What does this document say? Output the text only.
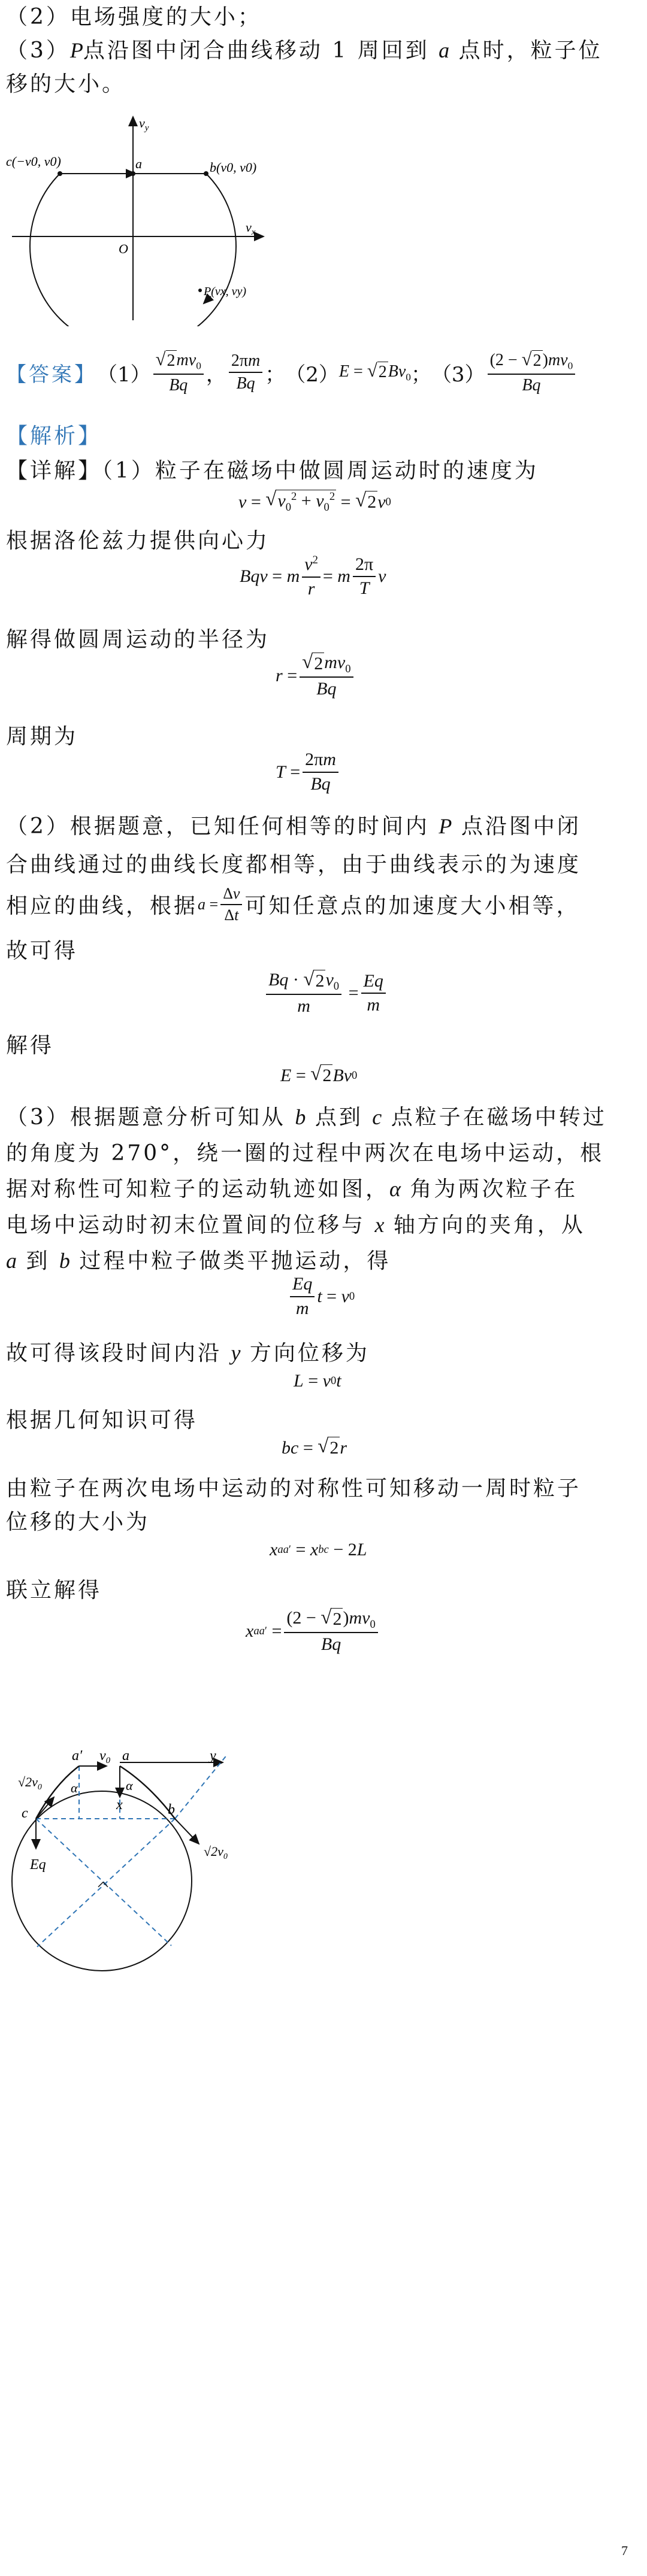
（2）电场强度的大小；
（3）P点沿图中闭合曲线移动 1 周回到 a 点时，粒子位
移的大小。
$v_y$
$v_x$
O
a	b(v0, v0)
c(−v0, v0)
P(vx, vy)
【答案】 $(1) \frac{√ 2 mv_0}{Bq}$ ， $\frac{2\pi m}{Bq}$ ； （2） E = √ 2 $Bv_0$ ； $(3) \frac{(2 - √ 2 )mv_0}{Bq}$
【解析】
【详解】（1）粒子在磁场中做圆周运动时的速度为
v = √ $v_0^2 + v_0^2$ = √ 2 v 0
根据洛伦兹力提供向心力
Bqv = m $\frac{v^2}{r} = m \frac{2\pi}{T}$ v
解得做圆周运动的半径为
$r = \frac{√ 2 mv_0}{Bq}$
周期为
$T = \frac{2\pi m}{Bq}$
（2）根据题意，已知任何相等的时间内 P 点沿图中闭
合曲线通过的曲线长度都相等，由于曲线表示的为速度
相应的曲线，根据 $a = \frac{\Delta v}{\Delta t}$ 可知任意点的加速度大小相等，
故可得
$\frac{Bq \cdot √ 2 v_0}{m} = \frac{Eq}{m}$
解得
E = √ 2 Bv 0
（3）根据题意分析可知从 b 点到 c 点粒子在磁场中转过
的角度为 270°，绕一圈的过程中两次在电场中运动，根
据对称性可知粒子的运动轨迹如图，α 角为两次粒子在
电场中运动时初末位置间的位移与 x 轴方向的夹角，从
a 到 b 过程中粒子做类平抛运动，得
$\frac{Eq}{m}$ t = v 0
故可得该段时间内沿 y 方向位移为
L = v 0 t
根据几何知识可得
bc = √ 2 r
由粒子在两次电场中运动的对称性可知移动一周时粒子
位移的大小为
x aa′ = x bc − 2 L
联立解得
x $aa' = \frac{(2 - √ 2 )mv_0}{Bq}$
a′ $v_0$ a	y
x
α
α
b
c
Eq
$√2v_0$
$√2v_0$
7
